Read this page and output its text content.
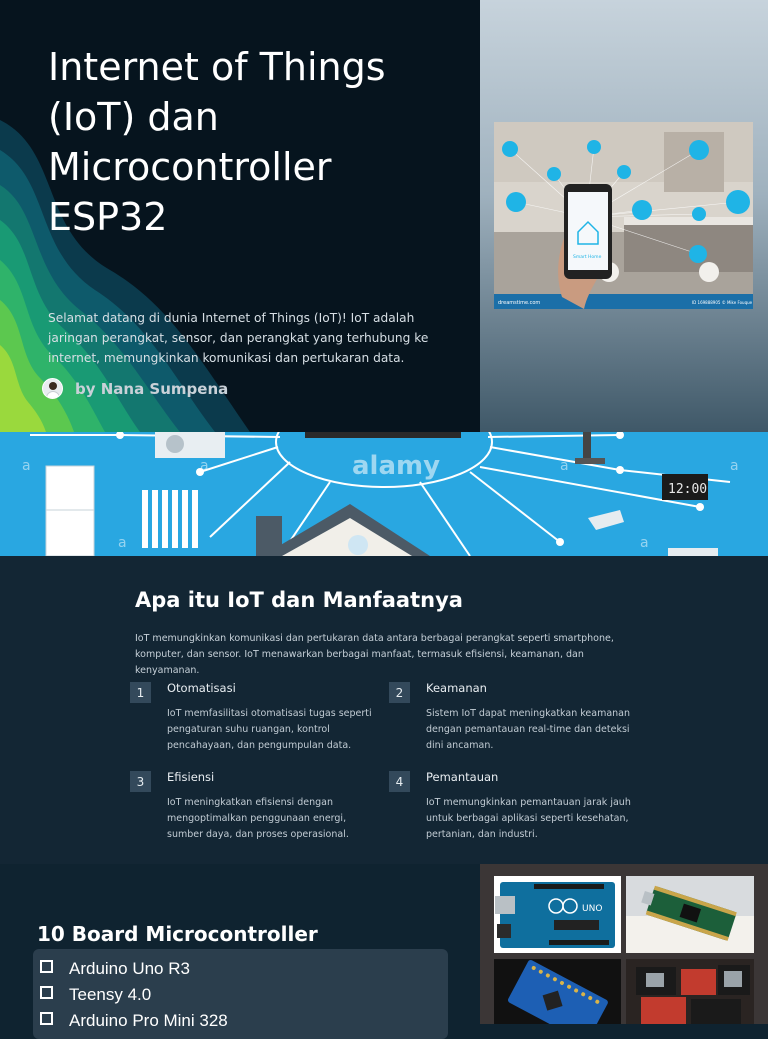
Internet of Things
(IoT) dan
Microcontroller
ESP32

Selamat datang di dunia Internet of Things (IoT)! IoT adalah jaringan perangkat, sensor, dan perangkat yang terhubung ke internet, memungkinkan komunikasi dan pertukaran data.

by Nana Sumpena
dreamstime.com	ID 169888905 © Mike Fouque
Smart Home
alamy
a	a	a
a
a	a
12:00
Apa itu IoT dan Manfaatnya

IoT memungkinkan komunikasi dan pertukaran data antara berbagai perangkat seperti smartphone, komputer, dan sensor. IoT menawarkan berbagai manfaat, termasuk efisiensi, keamanan, dan kenyamanan.

1	Otomatisasi
IoT memfasilitasi otomatisasi tugas seperti pengaturan suhu ruangan, kontrol pencahayaan, dan pengumpulan data.
2	Keamanan
Sistem IoT dapat meningkatkan keamanan dengan pemantauan real-time dan deteksi dini ancaman.
3	Efisiensi
IoT meningkatkan efisiensi dengan mengoptimalkan penggunaan energi, sumber daya, dan proses operasional.
4	Pemantauan
IoT memungkinkan pemantauan jarak jauh untuk berbagai aplikasi seperti kesehatan, pertanian, dan industri.
10 Board Microcontroller
Arduino Uno R3
Teensy 4.0
Arduino Pro Mini 328
UNO
